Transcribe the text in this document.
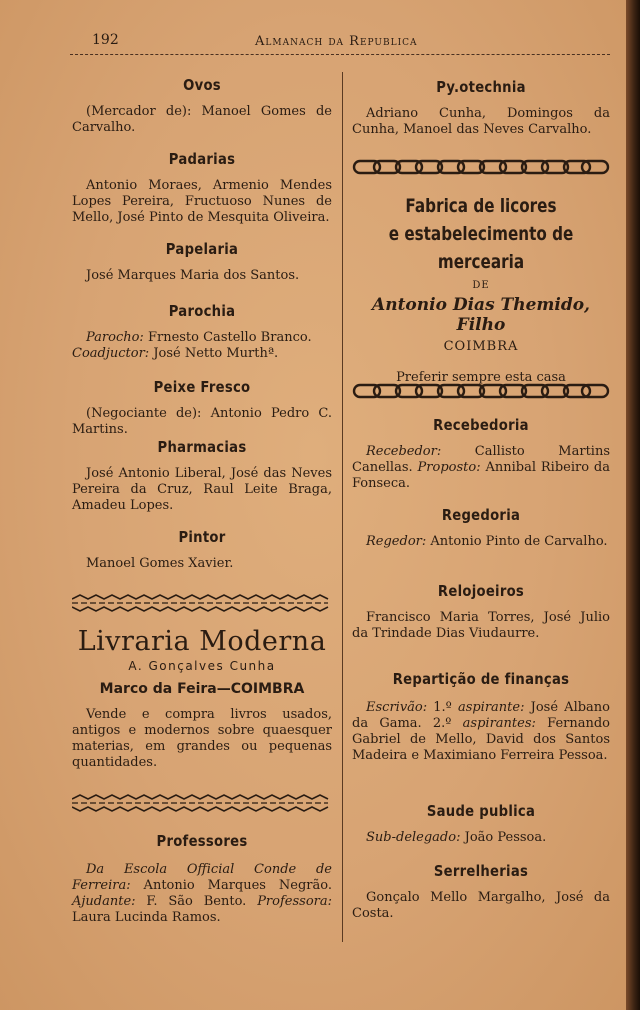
192	Almanach da Republica
Ovos

(Mercador de): Manoel Gomes de Carvalho.

Padarias

Antonio Moraes, Armenio Mendes Lopes Pereira, Fructuoso Nunes de Mello, José Pinto de Mesquita Oliveira.

Papelaria

José Marques Maria dos Santos.

Parochia

Parocho: Frnesto Castello Branco.

Coadjuctor: José Netto Murthª.

Peixe Fresco

(Negociante de): Antonio Pedro C. Martins.

Pharmacias

José Antonio Liberal, José das Neves Pereira da Cruz, Raul Leite Braga, Amadeu Lopes.

Pintor

Manoel Gomes Xavier.

Livraria Moderna
A. Gonçalves Cunha
Marco da Feira—COIMBRA

Vende e compra livros usados, antigos e modernos sobre quaesquer materias, em grandes ou pequenas quantidades.

Professores

Da Escola Official Conde de Ferreira: Antonio Marques Negrão. Ajudante: F. São Bento. Professora: Laura Lucinda Ramos.

Py.otechnia

Adriano Cunha, Domingos da Cunha, Manoel das Neves Carvalho.

Fabrica de licores
e estabelecimento de mercearia
DE
Antonio Dias Themido, Filho
COIMBRA
Preferir sempre esta casa
Recebedoria

Recebedor: Callisto Martins Canellas. Proposto: Annibal Ribeiro da Fonseca.

Regedoria

Regedor: Antonio Pinto de Carvalho.

Relojoeiros

Francisco Maria Torres, José Julio da Trindade Dias Viudaurre.

Repartição de finanças

Escrivão: 1.º aspirante: José Albano da Gama. 2.º aspirantes: Fernando Gabriel de Mello, David dos Santos Madeira e Maximiano Ferreira Pessoa.

Saude publica

Sub-delegado: João Pessoa.

Serrelherias

Gonçalo Mello Margalho, José da Costa.
